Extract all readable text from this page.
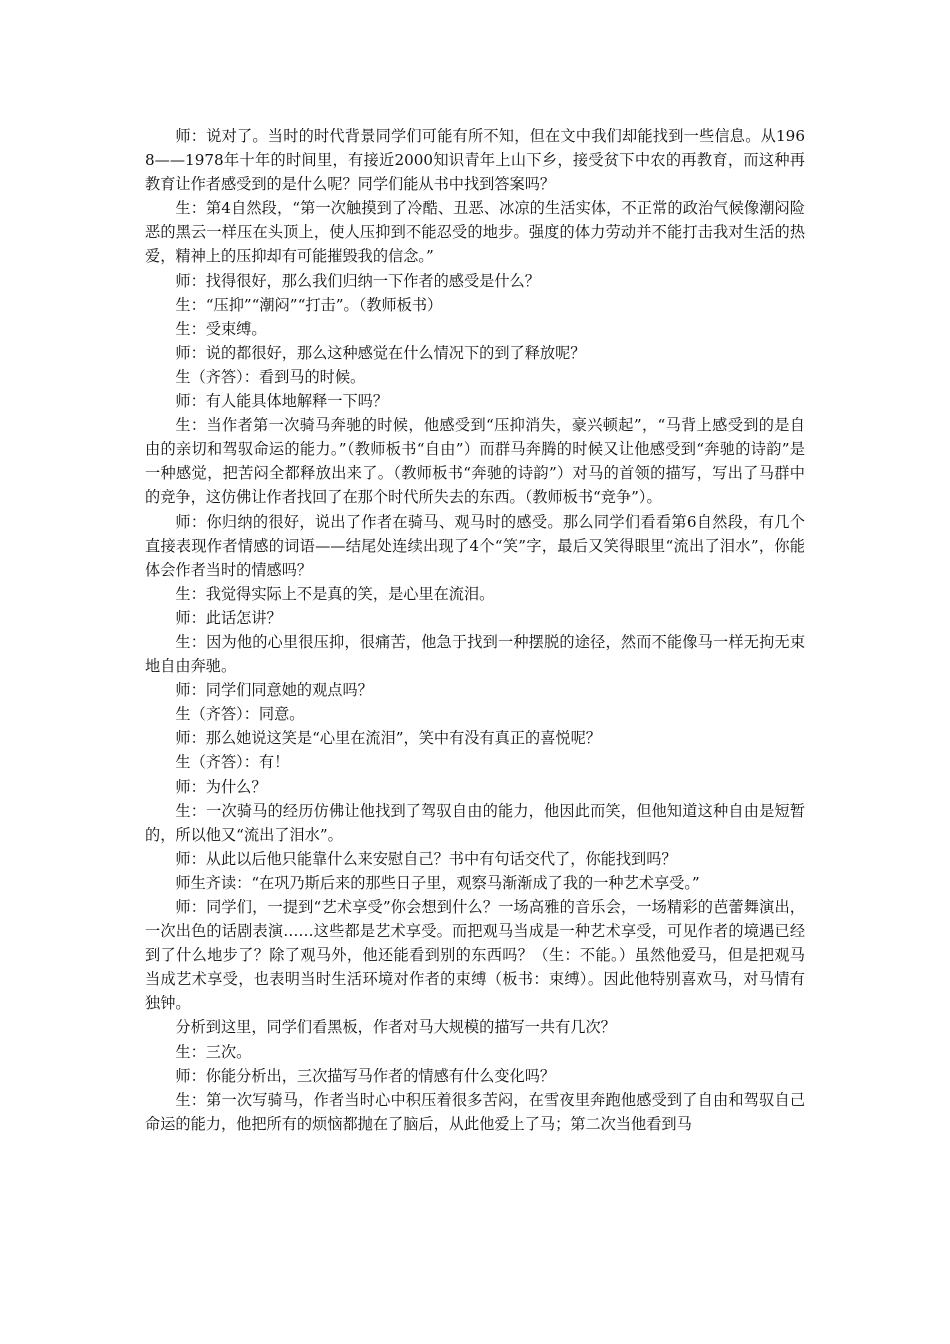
师：说对了。当时的时代背景同学们可能有所不知，但在文中我们却能找到一些信息。从1968——1978年十年的时间里，有接近2000知识青年上山下乡，接受贫下中农的再教育，而这种再教育让作者感受到的是什么呢？同学们能从书中找到答案吗？

生：第4自然段，“第一次触摸到了冷酷、丑恶、冰凉的生活实体，不正常的政治气候像潮闷险恶的黑云一样压在头顶上，使人压抑到不能忍受的地步。强度的体力劳动并不能打击我对生活的热爱，精神上的压抑却有可能摧毁我的信念。”

师：找得很好，那么我们归纳一下作者的感受是什么？

生：“压抑”“潮闷”“打击”。（教师板书）

生：受束缚。

师：说的都很好，那么这种感觉在什么情况下的到了释放呢？

生（齐答）：看到马的时候。

师：有人能具体地解释一下吗？

生：当作者第一次骑马奔驰的时候，他感受到“压抑消失，豪兴顿起”，“马背上感受到的是自由的亲切和驾驭命运的能力。”（教师板书“自由”）而群马奔腾的时候又让他感受到“奔驰的诗韵”是一种感觉，把苦闷全都释放出来了。（教师板书“奔驰的诗韵”）对马的首领的描写，写出了马群中的竞争，这仿佛让作者找回了在那个时代所失去的东西。（教师板书“竞争”）。

师：你归纳的很好，说出了作者在骑马、观马时的感受。那么同学们看看第6自然段，有几个直接表现作者情感的词语——结尾处连续出现了4个“笑”字，最后又笑得眼里“流出了泪水”，你能体会作者当时的情感吗？

生：我觉得实际上不是真的笑，是心里在流泪。

师：此话怎讲？

生：因为他的心里很压抑，很痛苦，他急于找到一种摆脱的途径，然而不能像马一样无拘无束地自由奔驰。

师：同学们同意她的观点吗？

生（齐答）：同意。

师：那么她说这笑是“心里在流泪”，笑中有没有真正的喜悦呢？

生（齐答）：有！

师：为什么？

生：一次骑马的经历仿佛让他找到了驾驭自由的能力，他因此而笑，但他知道这种自由是短暂的，所以他又“流出了泪水”。

师：从此以后他只能靠什么来安慰自己？书中有句话交代了，你能找到吗？

师生齐读：“在巩乃斯后来的那些日子里，观察马渐渐成了我的一种艺术享受。”

师：同学们，一提到“艺术享受”你会想到什么？一场高雅的音乐会，一场精彩的芭蕾舞演出，一次出色的话剧表演……这些都是艺术享受。而把观马当成是一种艺术享受，可见作者的境遇已经到了什么地步了？除了观马外，他还能看到别的东西吗？（生：不能。）虽然他爱马，但是把观马当成艺术享受，也表明当时生活环境对作者的束缚（板书：束缚）。因此他特别喜欢马，对马情有独钟。

分析到这里，同学们看黑板，作者对马大规模的描写一共有几次？

生：三次。

师：你能分析出，三次描写马作者的情感有什么变化吗？

生：第一次写骑马，作者当时心中积压着很多苦闷，在雪夜里奔跑他感受到了自由和驾驭自己命运的能力，他把所有的烦恼都抛在了脑后，从此他爱上了马；第二次当他看到马
